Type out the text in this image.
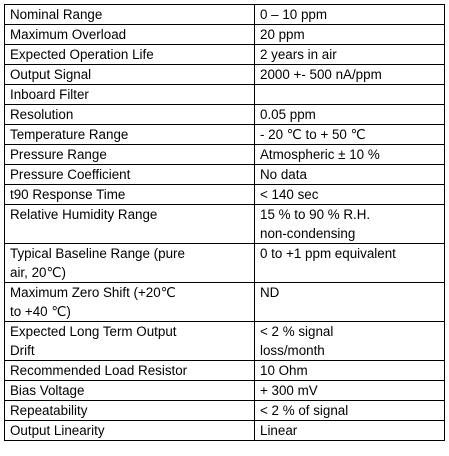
Nominal Range	0 – 10 ppm
Maximum Overload	20 ppm
Expected Operation Life	2 years in air
Output Signal	2000 +- 500 nA/ppm
Inboard Filter	
Resolution	0.05 ppm
Temperature Range	- 20 ℃ to + 50 ℃
Pressure Range	Atmospheric ± 10 %
Pressure Coefficient	No data
t90 Response Time	< 140 sec
Relative Humidity Range	15 % to 90 % R.H.
non-condensing
Typical Baseline Range (pure
air, 20℃)	0 to +1 ppm equivalent
Maximum Zero Shift (+20℃
to +40 ℃)	ND
Expected Long Term Output
Drift	< 2 % signal
loss/month
Recommended Load Resistor	10 Ohm
Bias Voltage	+ 300 mV
Repeatability	< 2 % of signal
Output Linearity	Linear
